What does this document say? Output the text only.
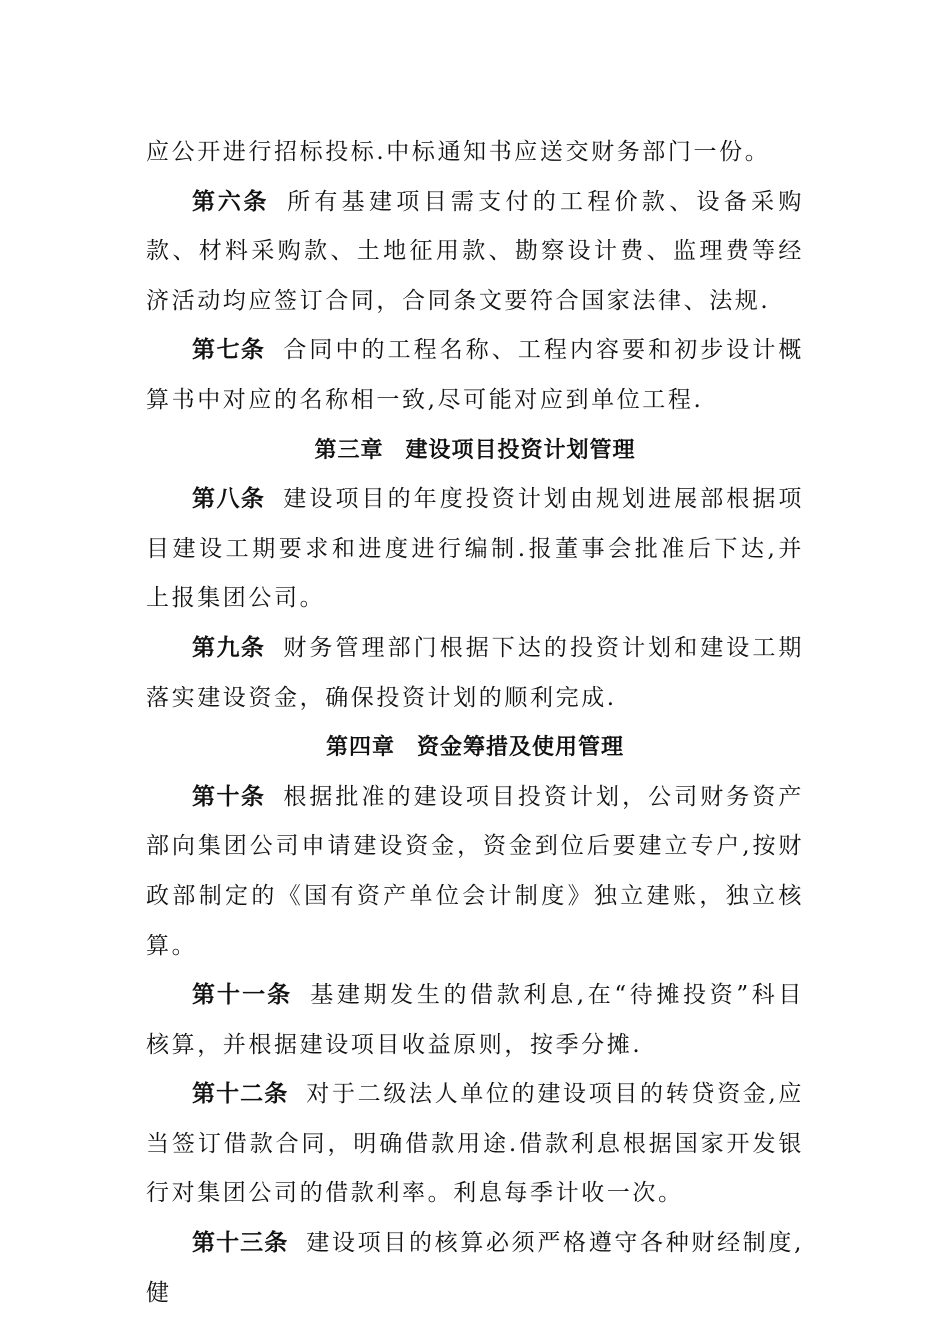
应公开进行招标投标.中标通知书应送交财务部门一份。

第六条 所有基建项目需支付的工程价款、设备采购款、材料采购款、土地征用款、勘察设计费、监理费等经济活动均应签订合同，合同条文要符合国家法律、法规.

第七条 合同中的工程名称、工程内容要和初步设计概算书中对应的名称相一致,尽可能对应到单位工程.

第三章 建设项目投资计划管理

第八条 建设项目的年度投资计划由规划进展部根据项目建设工期要求和进度进行编制.报董事会批准后下达,并上报集团公司。

第九条 财务管理部门根据下达的投资计划和建设工期落实建设资金，确保投资计划的顺利完成.

第四章 资金筹措及使用管理

第十条 根据批准的建设项目投资计划，公司财务资产部向集团公司申请建设资金，资金到位后要建立专户,按财政部制定的《国有资产单位会计制度》独立建账，独立核算。

第十一条 基建期发生的借款利息,在“待摊投资”科目核算，并根据建设项目收益原则，按季分摊.

第十二条 对于二级法人单位的建设项目的转贷资金,应当签订借款合同，明确借款用途.借款利息根据国家开发银行对集团公司的借款利率。利息每季计收一次。

第十三条 建设项目的核算必须严格遵守各种财经制度,健
